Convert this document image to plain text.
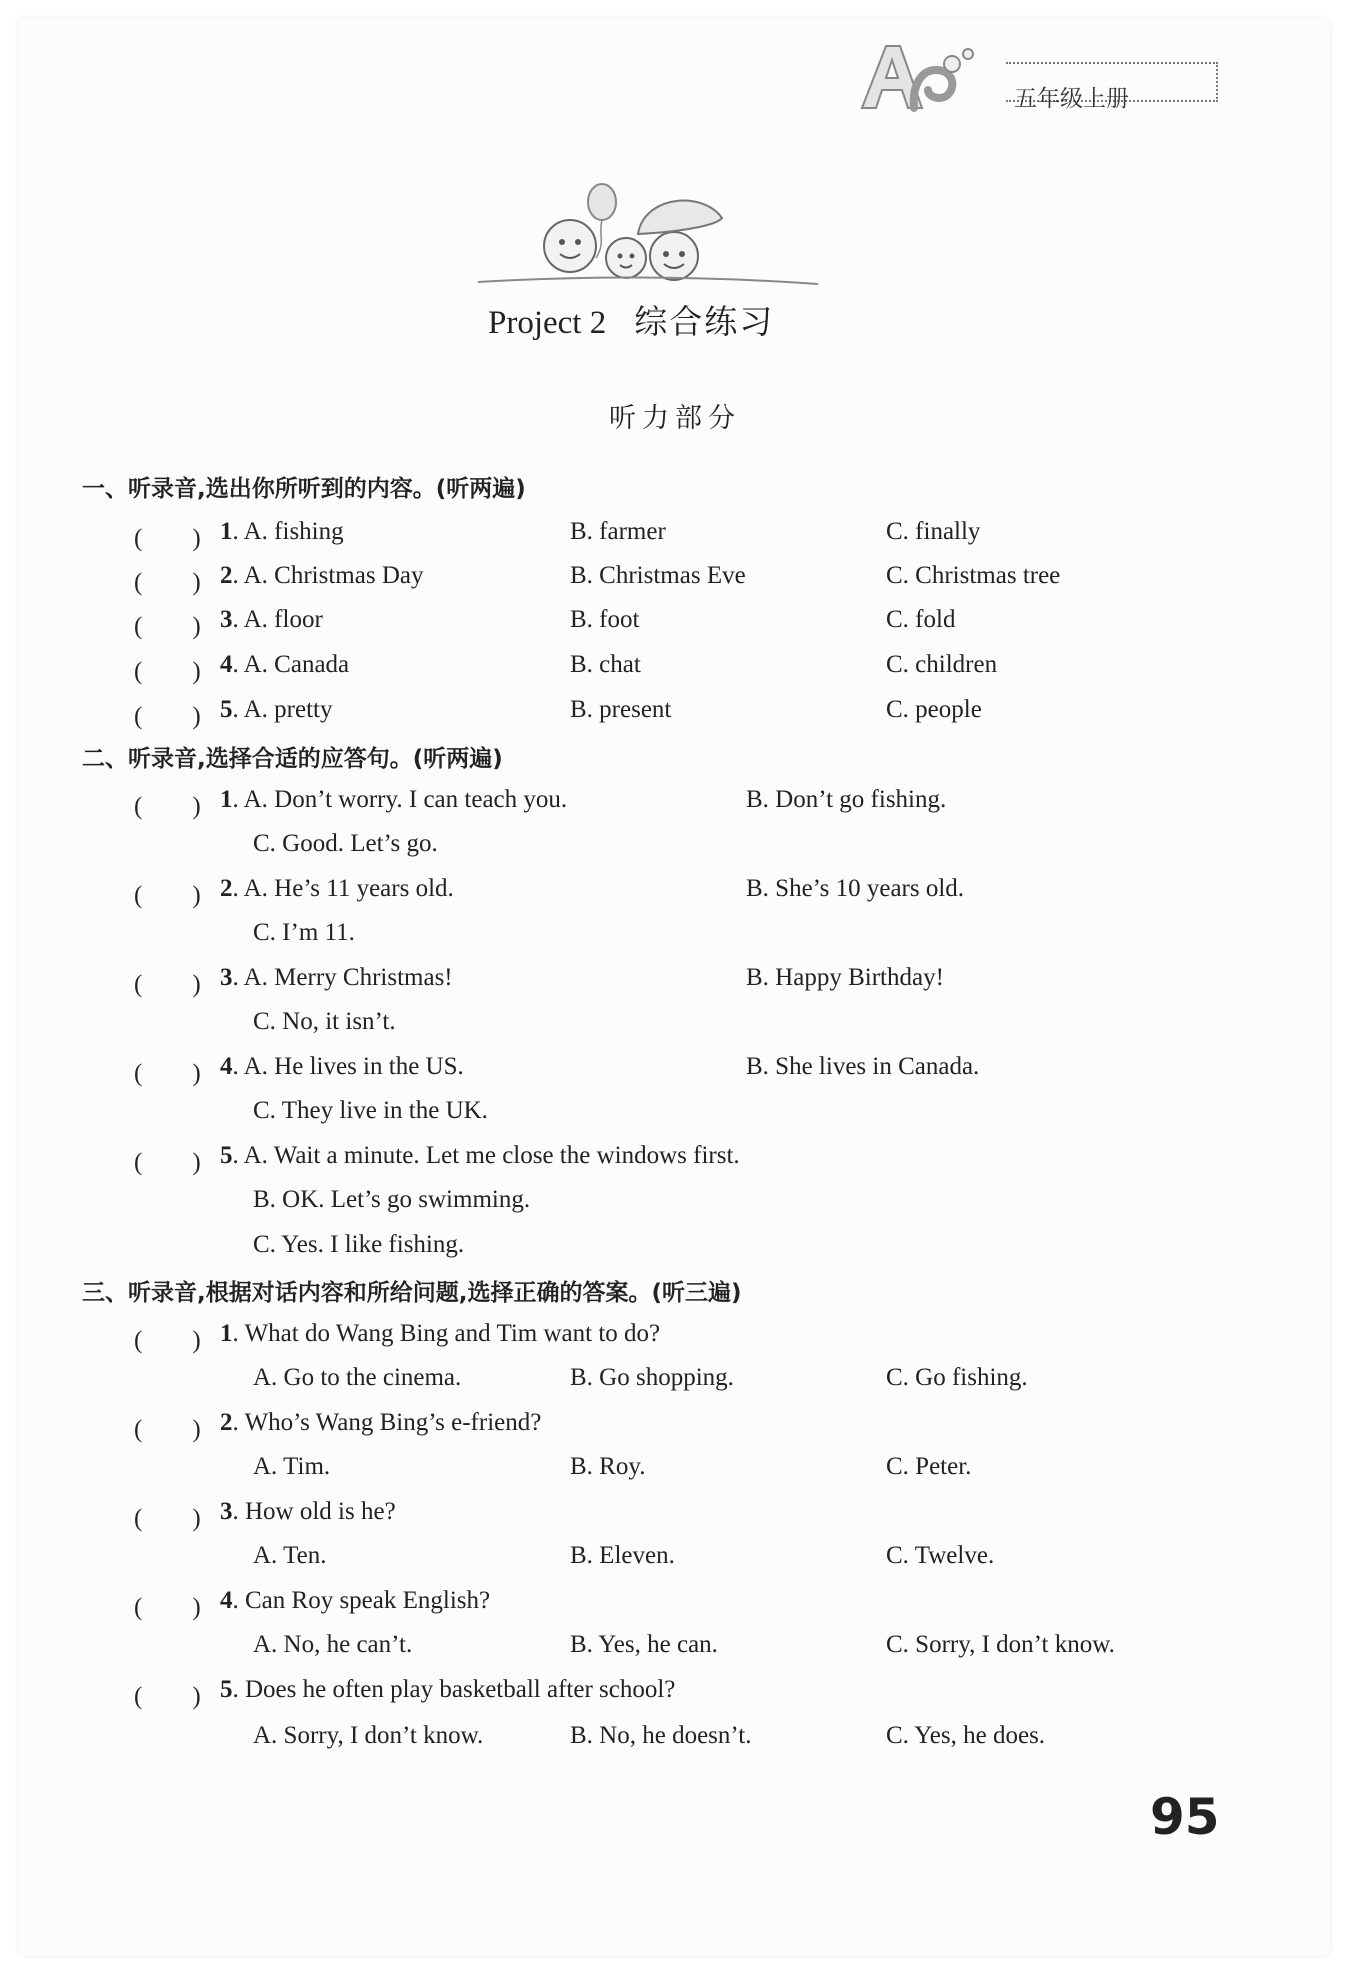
五年级上册
Project 2 综合练习
听力部分
一、听录音,选出你所听到的内容。(听两遍)
(　　) 1. A. fishing	B. farmer	C. finally
(　　) 2. A. Christmas Day	B. Christmas Eve	C. Christmas tree
(　　) 3. A. floor	B. foot	C. fold
(　　) 4. A. Canada	B. chat	C. children
(　　) 5. A. pretty	B. present	C. people
二、听录音,选择合适的应答句。(听两遍)
(　　) 1. A. Don’t worry. I can teach you.	B. Don’t go fishing.
C. Good. Let’s go.
(　　) 2. A. He’s 11 years old.	B. She’s 10 years old.
C. I’m 11.
(　　) 3. A. Merry Christmas!	B. Happy Birthday!
C. No, it isn’t.
(　　) 4. A. He lives in the US.	B. She lives in Canada.
C. They live in the UK.
(　　) 5. A. Wait a minute. Let me close the windows first.
B. OK. Let’s go swimming.
C. Yes. I like fishing.
三、听录音,根据对话内容和所给问题,选择正确的答案。(听三遍)
(　　) 1. What do Wang Bing and Tim want to do?
A. Go to the cinema.	B. Go shopping.	C. Go fishing.
(　　) 2. Who’s Wang Bing’s e-friend?
A. Tim.	B. Roy.	C. Peter.
(　　) 3. How old is he?
A. Ten.	B. Eleven.	C. Twelve.
(　　) 4. Can Roy speak English?
A. No, he can’t.	B. Yes, he can.	C. Sorry, I don’t know.
(　　) 5. Does he often play basketball after school?
A. Sorry, I don’t know.	B. No, he doesn’t.	C. Yes, he does.
95
